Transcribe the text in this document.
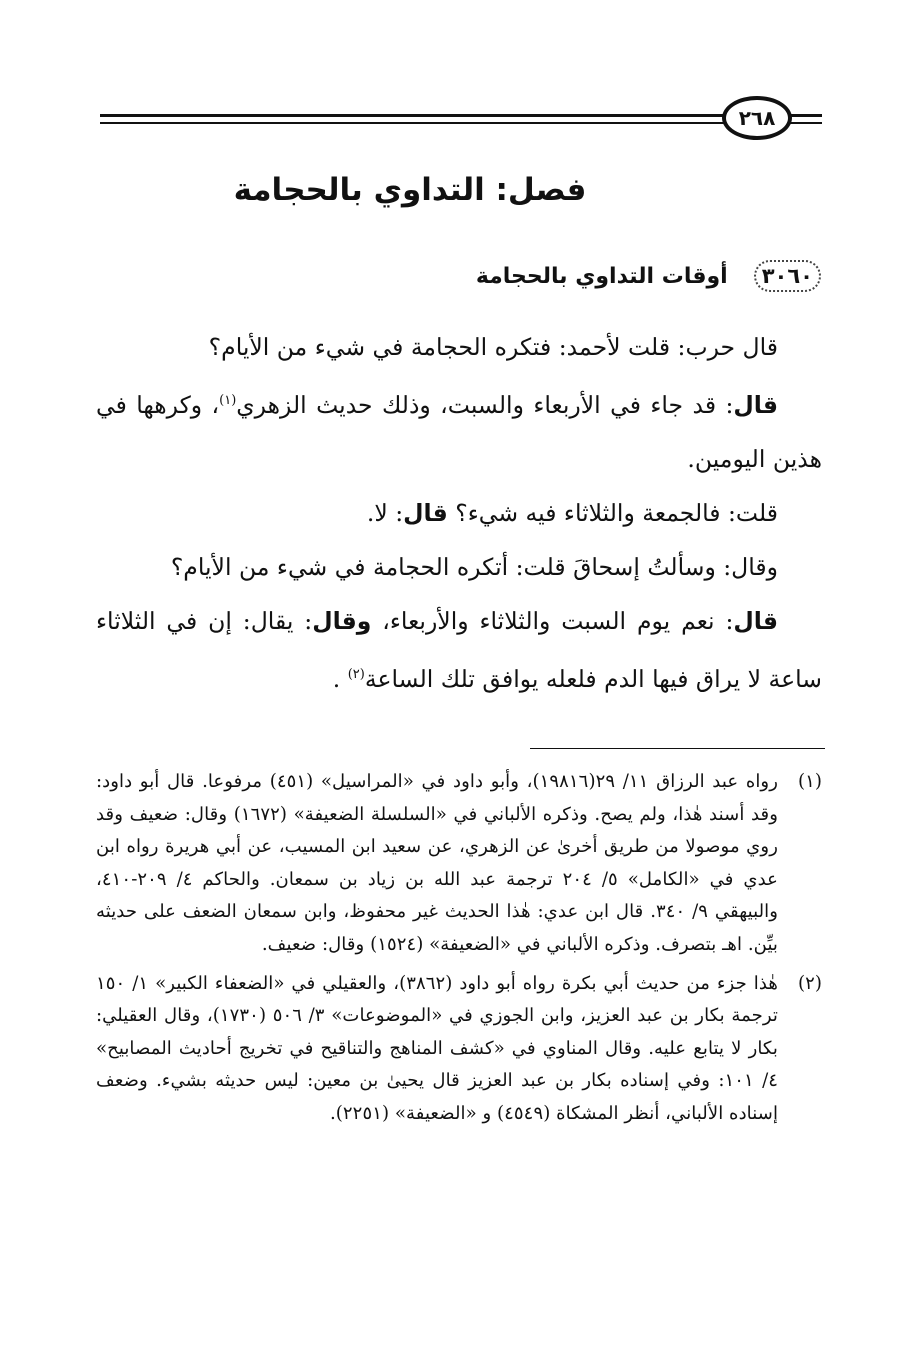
٢٦٨
فصل: التداوي بالحجامة
٣٠٦٠
أوقات التداوي بالحجامة

قال حرب: قلت لأحمد: فتكره الحجامة في شيء من الأيام؟

قال: قد جاء في الأربعاء والسبت، وذلك حديث الزهري$^{(١)}$، وكرهها في هذين اليومين.

قلت: فالجمعة والثلاثاء فيه شيء؟ قال: لا.

وقال: وسألتُ إسحاقَ قلت: أتكره الحجامة في شيء من الأيام؟

قال: نعم يوم السبت والثلاثاء والأربعاء، وقال: يقال: إن في الثلاثاء ساعة لا يراق فيها الدم فلعله يوافق تلك الساعة$^{(٢)}$ .

(١)
رواه عبد الرزاق ١١/ ٢٩(١٩٨١٦)، وأبو داود في «المراسيل» (٤٥١) مرفوعا. قال أبو داود: وقد أسند هٰذا، ولم يصح. وذكره الألباني في «السلسلة الضعيفة» (١٦٧٢) وقال: ضعيف وقد روي موصولا من طريق أخرىٰ عن الزهري، عن سعيد ابن المسيب، عن أبي هريرة رواه ابن عدي في «الكامل» ٥/ ٢٠٤ ترجمة عبد الله بن زياد بن سمعان. والحاكم ٤/ ٢٠٩-٤١٠، والبيهقي ٩/ ٣٤٠. قال ابن عدي: هٰذا الحديث غير محفوظ، وابن سمعان الضعف على حديثه بيِّن. اهـ بتصرف. وذكره الألباني في «الضعيفة» (١٥٢٤) وقال: ضعيف.
(٢)
هٰذا جزء من حديث أبي بكرة رواه أبو داود (٣٨٦٢)، والعقيلي في «الضعفاء الكبير» ١/ ١٥٠ ترجمة بكار بن عبد العزيز، وابن الجوزي في «الموضوعات» ٣/ ٥٠٦ (١٧٣٠)، وقال العقيلي: بكار لا يتابع عليه. وقال المناوي في «كشف المناهج والتناقيح في تخريج أحاديث المصابيح» ٤/ ١٠١: وفي إسناده بكار بن عبد العزيز قال يحيىٰ بن معين: ليس حديثه بشيء. وضعف إسناده الألباني، أنظر المشكاة (٤٥٤٩) و «الضعيفة» (٢٢٥١).
